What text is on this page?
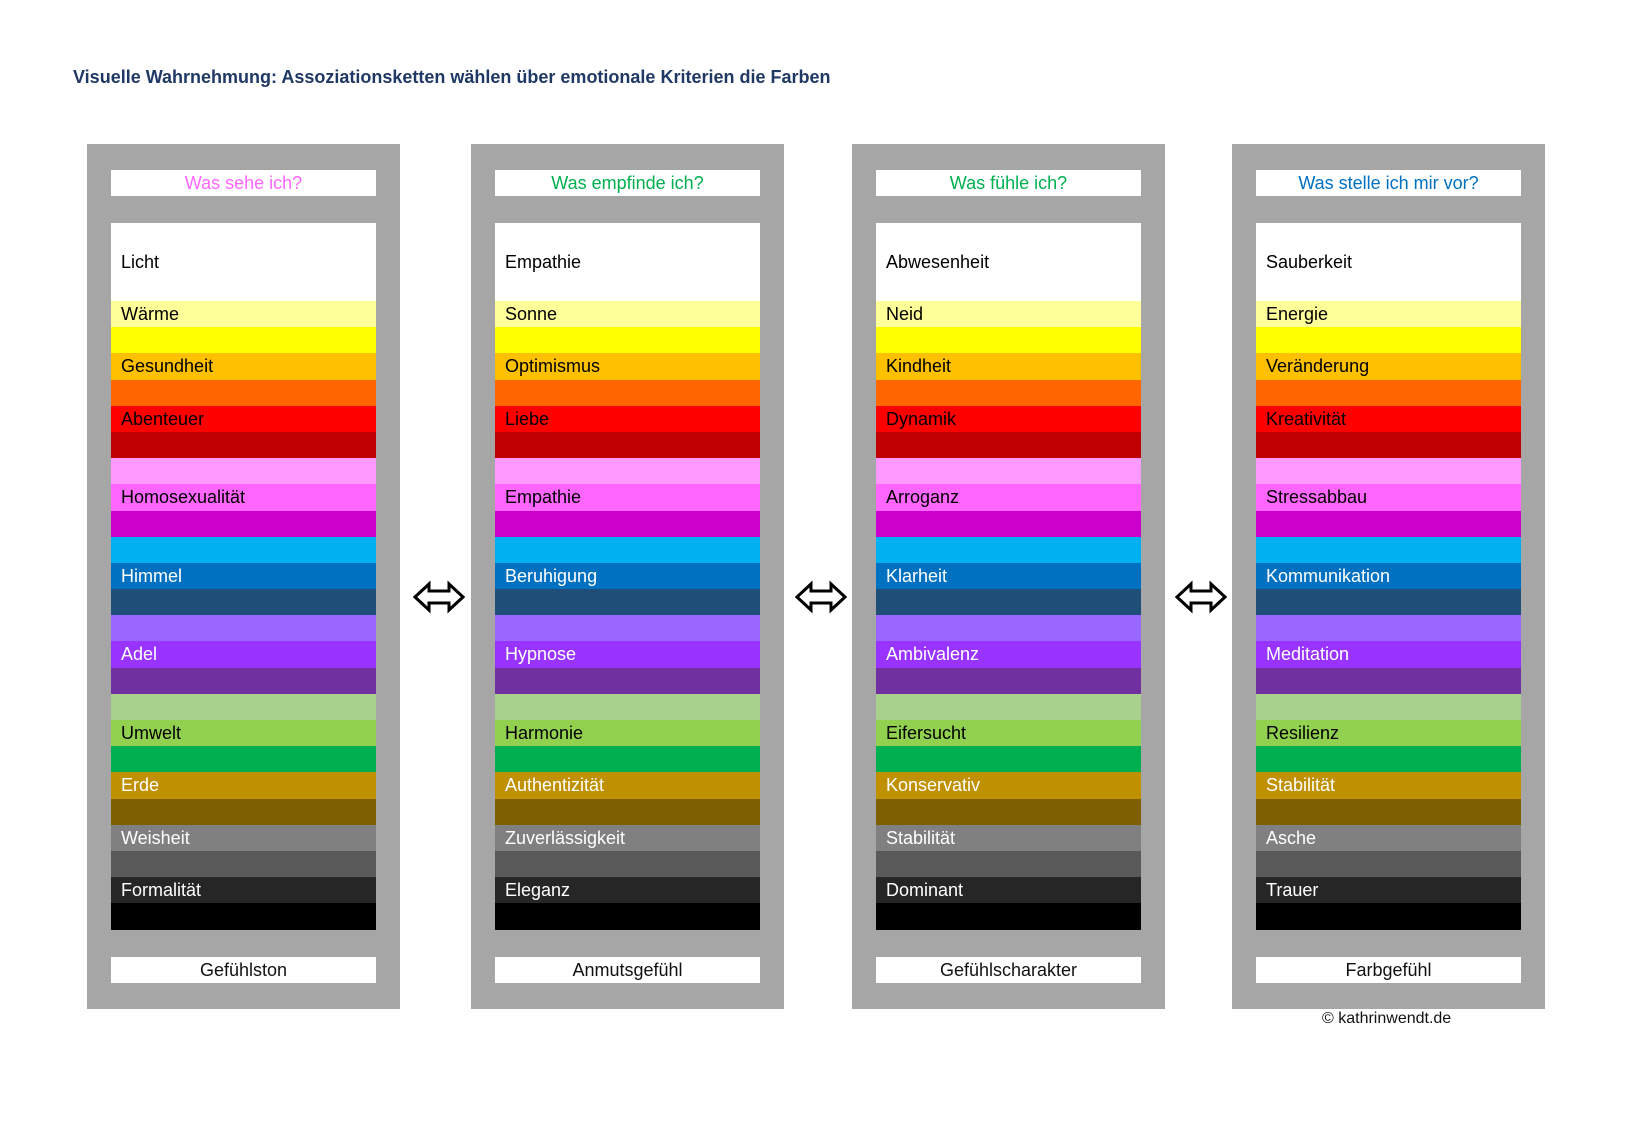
Visuelle Wahrnehmung: Assoziationsketten wählen über emotionale Kriterien die Farben
Was sehe ich?
Licht
Wärme
Gesundheit
Abenteuer
Homosexualität
Himmel
Adel
Umwelt
Erde
Weisheit
Formalität
Gefühlston
Was empfinde ich?
Empathie
Sonne
Optimismus
Liebe
Empathie
Beruhigung
Hypnose
Harmonie
Authentizität
Zuverlässigkeit
Eleganz
Anmutsgefühl
Was fühle ich?
Abwesenheit
Neid
Kindheit
Dynamik
Arroganz
Klarheit
Ambivalenz
Eifersucht
Konservativ
Stabilität
Dominant
Gefühlscharakter
Was stelle ich mir vor?
Sauberkeit
Energie
Veränderung
Kreativität
Stressabbau
Kommunikation
Meditation
Resilienz
Stabilität
Asche
Trauer
Farbgefühl
© kathrinwendt.de
